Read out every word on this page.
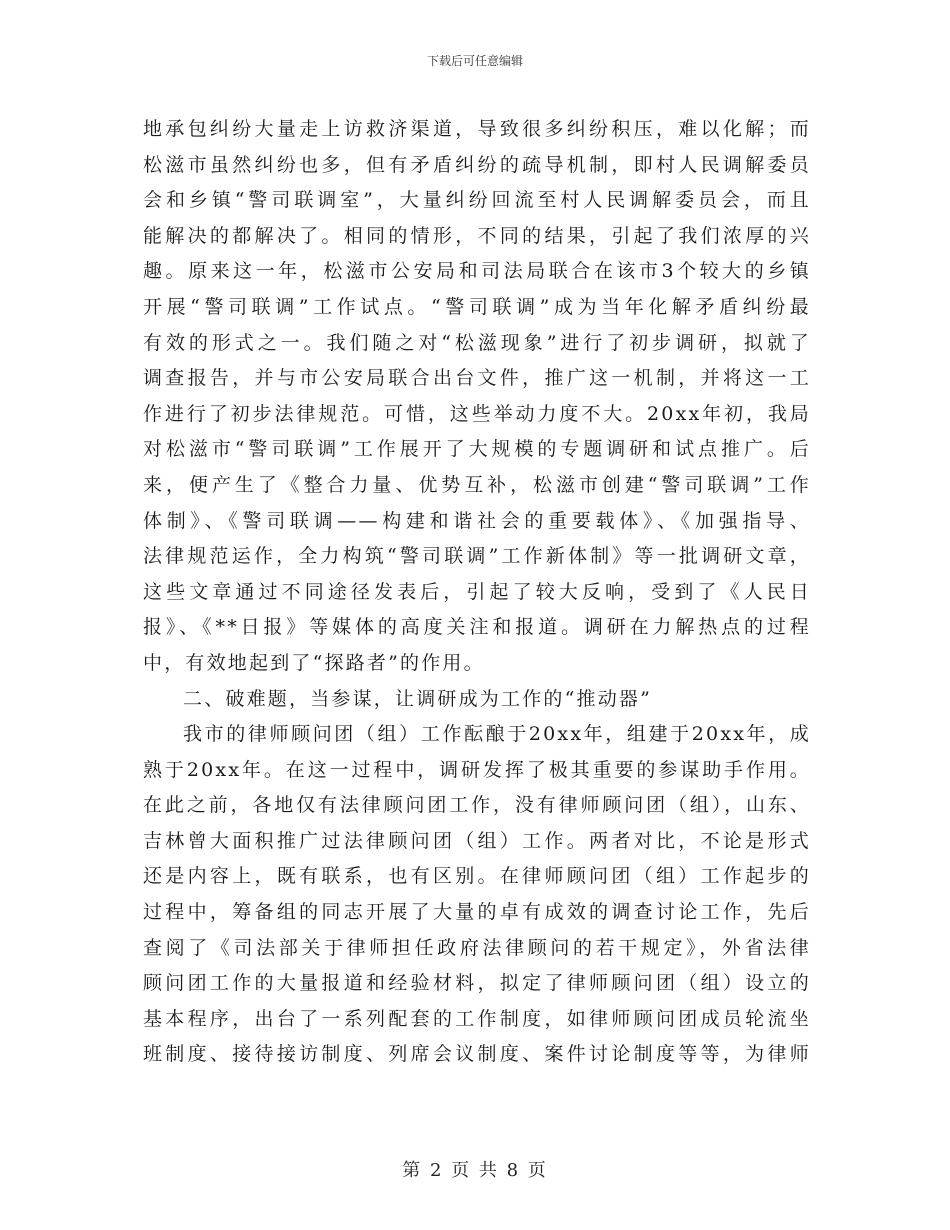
下载后可任意编辑
地承包纠纷大量走上访救济渠道，导致很多纠纷积压，难以化解；而
松滋市虽然纠纷也多，但有矛盾纠纷的疏导机制，即村人民调解委员
会和乡镇“警司联调室”，大量纠纷回流至村人民调解委员会，而且
能解决的都解决了。相同的情形，不同的结果，引起了我们浓厚的兴
趣。原来这一年，松滋市公安局和司法局联合在该市3个较大的乡镇
开展“警司联调”工作试点。“警司联调”成为当年化解矛盾纠纷最
有效的形式之一。我们随之对“松滋现象”进行了初步调研，拟就了
调查报告，并与市公安局联合出台文件，推广这一机制，并将这一工
作进行了初步法律规范。可惜，这些举动力度不大。20xx年初，我局
对松滋市“警司联调”工作展开了大规模的专题调研和试点推广。后
来，便产生了《整合力量、优势互补，松滋市创建“警司联调”工作
体制》、《警司联调——构建和谐社会的重要载体》、《加强指导、
法律规范运作，全力构筑“警司联调”工作新体制》等一批调研文章，
这些文章通过不同途径发表后，引起了较大反响，受到了《人民日
报》、《**日报》等媒体的高度关注和报道。调研在力解热点的过程
中，有效地起到了“探路者”的作用。
二、破难题，当参谋，让调研成为工作的“推动器”
我市的律师顾问团（组）工作酝酿于20xx年，组建于20xx年，成
熟于20xx年。在这一过程中，调研发挥了极其重要的参谋助手作用。
在此之前，各地仅有法律顾问团工作，没有律师顾问团（组），山东、
吉林曾大面积推广过法律顾问团（组）工作。两者对比，不论是形式
还是内容上，既有联系，也有区别。在律师顾问团（组）工作起步的
过程中，筹备组的同志开展了大量的卓有成效的调查讨论工作，先后
查阅了《司法部关于律师担任政府法律顾问的若干规定》，外省法律
顾问团工作的大量报道和经验材料，拟定了律师顾问团（组）设立的
基本程序，出台了一系列配套的工作制度，如律师顾问团成员轮流坐
班制度、接待接访制度、列席会议制度、案件讨论制度等等，为律师
第 2 页 共 8 页
